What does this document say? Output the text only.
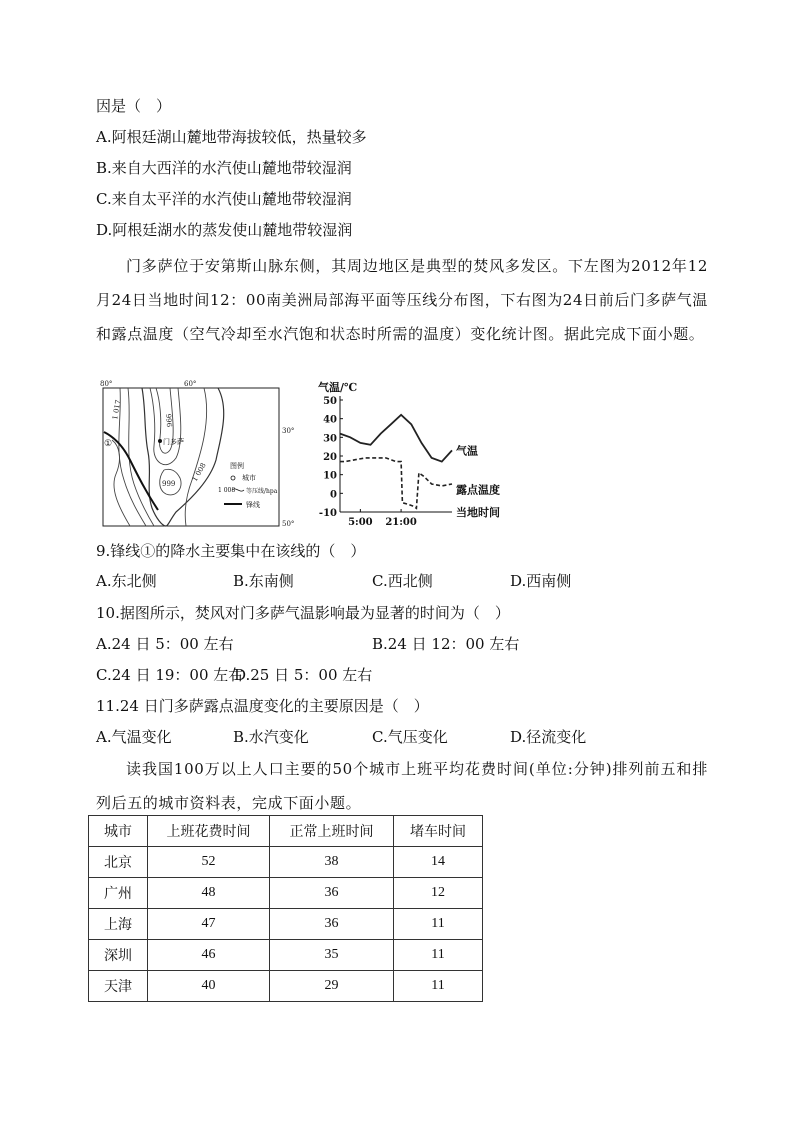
因是（　）
A.阿根廷湖山麓地带海拔较低，热量较多
B.来自大西洋的水汽使山麓地带较湿润
C.来自太平洋的水汽使山麓地带较湿润
D.阿根廷湖水的蒸发使山麓地带较湿润
门多萨位于安第斯山脉东侧，其周边地区是典型的焚风多发区。下左图为2012年12月24日当地时间12：00南美洲局部海平面等压线分布图，下右图为24日前后门多萨气温和露点温度（空气冷却至水汽饱和状态时所需的温度）变化统计图。据此完成下面小题。
80°	60°
30°
50°
1 017
996
999
1 008
①	门多萨
图例
城市
1 008 等压线/hpa
锋线
气温/℃
50
40
30
20
10
0
-10
5:00 21:00
气温
露点温度
当地时间
9.锋线①的降水主要集中在该线的（　）
A.东北侧	B.东南侧	C.西北侧	D.西南侧
10.据图所示，焚风对门多萨气温影响最为显著的时间为（　）
A.24 日 5：00 左右	B.24 日 12：00 左右
C.24 日 19：00 左右
D.25 日 5：00 左右
11.24 日门多萨露点温度变化的主要原因是（　）
A.气温变化	B.水汽变化	C.气压变化	D.径流变化
读我国100万以上人口主要的50个城市上班平均花费时间(单位:分钟)排列前五和排列后五的城市资料表，完成下面小题。
城市	上班花费时间	正常上班时间	堵车时间
北京	52	38	14
广州	48	36	12
上海	47	36	11
深圳	46	35	11
天津	40	29	11
